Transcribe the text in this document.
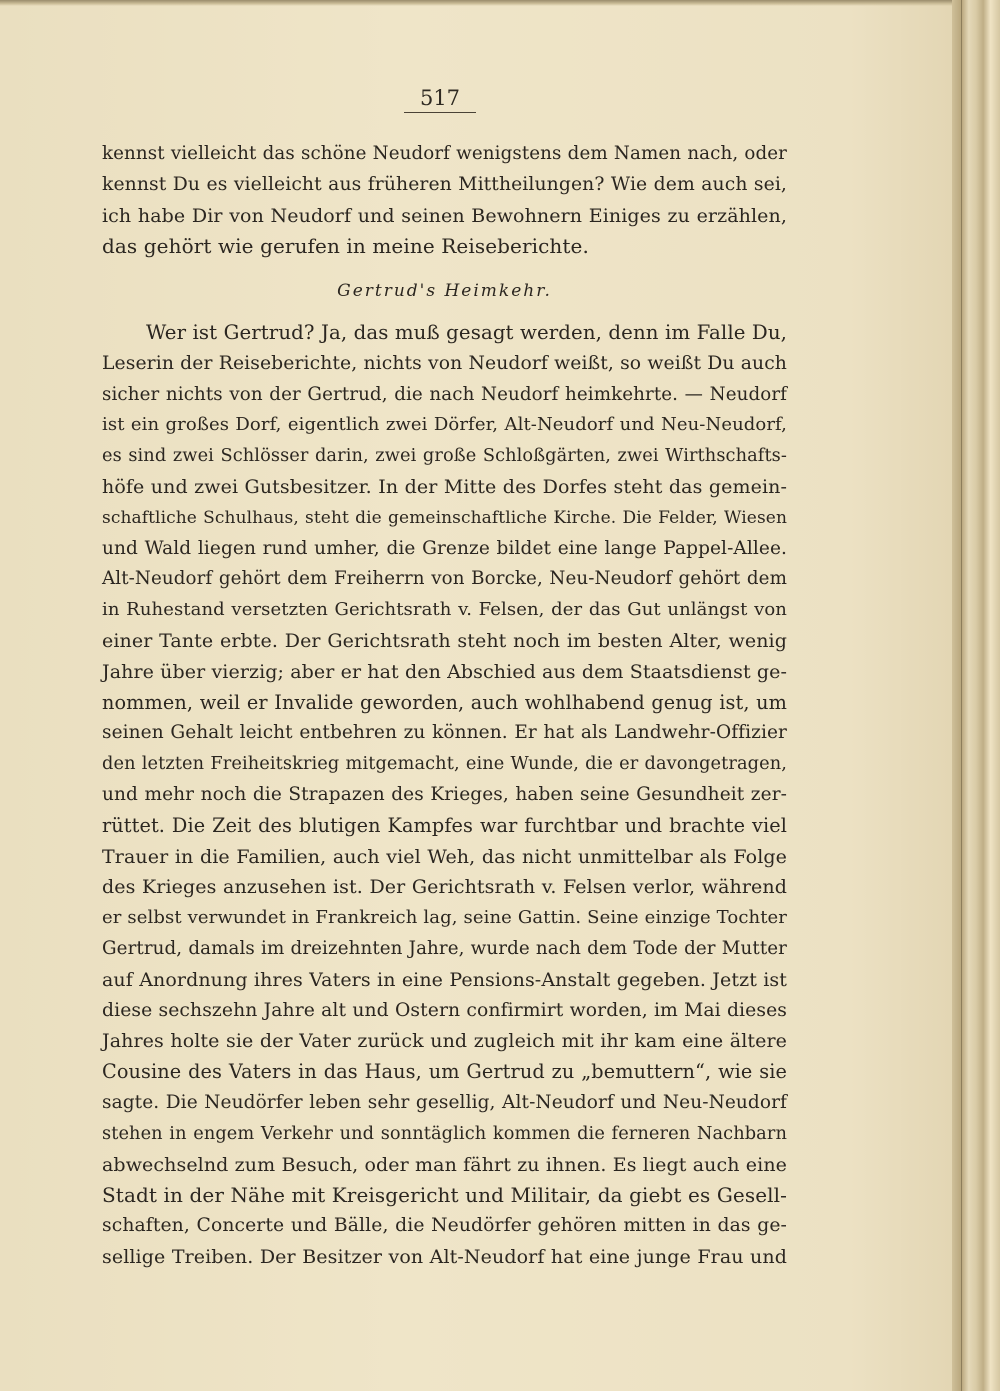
517
kennst vielleicht das schöne Neudorf wenigstens dem Namen nach, oder
kennst Du es vielleicht aus früheren Mittheilungen? Wie dem auch sei,
ich habe Dir von Neudorf und seinen Bewohnern Einiges zu erzählen,
das gehört wie gerufen in meine Reiseberichte.
Gertrud's Heimkehr.
Wer ist Gertrud? Ja, das muß gesagt werden, denn im Falle Du,
Leserin der Reiseberichte, nichts von Neudorf weißt, so weißt Du auch
sicher nichts von der Gertrud, die nach Neudorf heimkehrte. — Neudorf
ist ein großes Dorf, eigentlich zwei Dörfer, Alt-Neudorf und Neu-Neudorf,
es sind zwei Schlösser darin, zwei große Schloßgärten, zwei Wirthschafts-
höfe und zwei Gutsbesitzer. In der Mitte des Dorfes steht das gemein-
schaftliche Schulhaus, steht die gemeinschaftliche Kirche. Die Felder, Wiesen
und Wald liegen rund umher, die Grenze bildet eine lange Pappel-Allee.
Alt-Neudorf gehört dem Freiherrn von Borcke, Neu-Neudorf gehört dem
in Ruhestand versetzten Gerichtsrath v. Felsen, der das Gut unlängst von
einer Tante erbte. Der Gerichtsrath steht noch im besten Alter, wenig
Jahre über vierzig; aber er hat den Abschied aus dem Staatsdienst ge-
nommen, weil er Invalide geworden, auch wohlhabend genug ist, um
seinen Gehalt leicht entbehren zu können. Er hat als Landwehr-Offizier
den letzten Freiheitskrieg mitgemacht, eine Wunde, die er davongetragen,
und mehr noch die Strapazen des Krieges, haben seine Gesundheit zer-
rüttet. Die Zeit des blutigen Kampfes war furchtbar und brachte viel
Trauer in die Familien, auch viel Weh, das nicht unmittelbar als Folge
des Krieges anzusehen ist. Der Gerichtsrath v. Felsen verlor, während
er selbst verwundet in Frankreich lag, seine Gattin. Seine einzige Tochter
Gertrud, damals im dreizehnten Jahre, wurde nach dem Tode der Mutter
auf Anordnung ihres Vaters in eine Pensions-Anstalt gegeben. Jetzt ist
diese sechszehn Jahre alt und Ostern confirmirt worden, im Mai dieses
Jahres holte sie der Vater zurück und zugleich mit ihr kam eine ältere
Cousine des Vaters in das Haus, um Gertrud zu „bemuttern“, wie sie
sagte. Die Neudörfer leben sehr gesellig, Alt-Neudorf und Neu-Neudorf
stehen in engem Verkehr und sonntäglich kommen die ferneren Nachbarn
abwechselnd zum Besuch, oder man fährt zu ihnen. Es liegt auch eine
Stadt in der Nähe mit Kreisgericht und Militair, da giebt es Gesell-
schaften, Concerte und Bälle, die Neudörfer gehören mitten in das ge-
sellige Treiben. Der Besitzer von Alt-Neudorf hat eine junge Frau und
